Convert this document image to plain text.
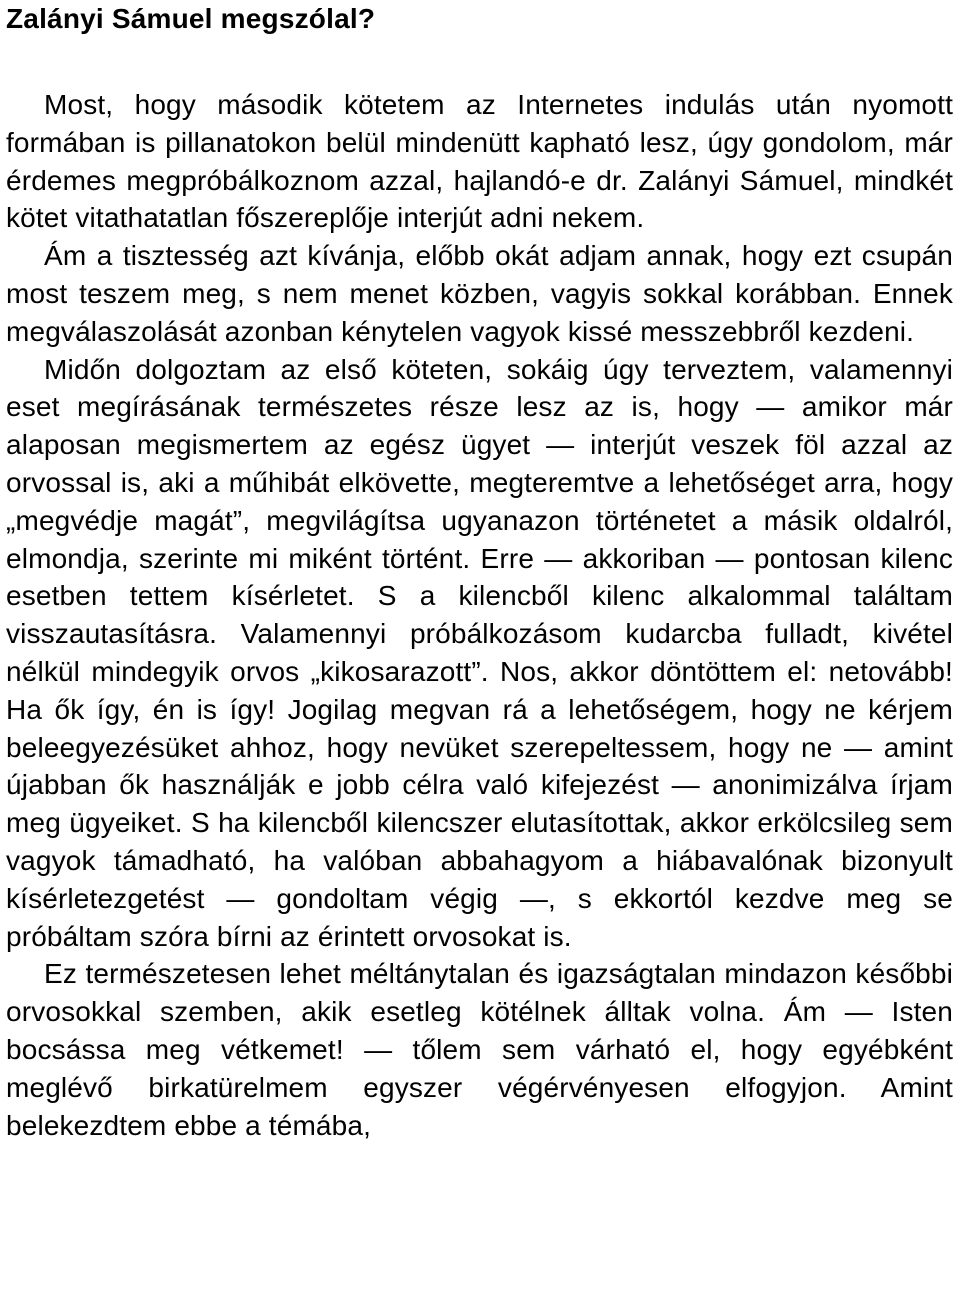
Zalányi Sámuel megszólal?

Most, hogy második kötetem az Internetes indulás után nyomott formában is pillanatokon belül mindenütt kapható lesz, úgy gondolom, már érdemes megpróbálkoznom azzal, hajlandó-e dr. Zalányi Sámuel, mindkét kötet vitathatatlan főszereplője interjút adni nekem.

Ám a tisztesség azt kívánja, előbb okát adjam annak, hogy ezt csupán most teszem meg, s nem menet közben, vagyis sokkal korábban. Ennek megválaszolását azonban kénytelen vagyok kissé messzebbről kezdeni.

Midőn dolgoztam az első köteten, sokáig úgy terveztem, valamennyi eset megírásának természetes része lesz az is, hogy — amikor már alaposan megismertem az egész ügyet — interjút veszek föl azzal az orvossal is, aki a műhibát elkövette, megteremtve a lehetőséget arra, hogy „megvédje magát”, megvilágítsa ugyanazon történetet a másik oldalról, elmondja, szerinte mi miként történt. Erre — akkoriban — pontosan kilenc esetben tettem kísérletet. S a kilencből kilenc alkalommal találtam visszautasításra. Valamennyi próbálkozásom kudarcba fulladt, kivétel nélkül mindegyik orvos „kikosarazott”. Nos, akkor döntöttem el: netovább! Ha ők így, én is így! Jogilag megvan rá a lehetőségem, hogy ne kérjem beleegyezésüket ahhoz, hogy nevüket szerepeltessem, hogy ne — amint újabban ők használják e jobb célra való kifejezést — anonimizálva írjam meg ügyeiket. S ha kilencből kilencszer elutasítottak, akkor erkölcsileg sem vagyok támadható, ha valóban abbahagyom a hiábavalónak bizonyult kísérletezgetést — gondoltam végig —, s ekkortól kezdve meg se próbáltam szóra bírni az érintett orvosokat is.

Ez természetesen lehet méltánytalan és igazságtalan mindazon későbbi orvosokkal szemben, akik esetleg kötélnek álltak volna. Ám — Isten bocsássa meg vétkemet! — tőlem sem várható el, hogy egyébként meglévő birkatürelmem egyszer végérvényesen elfogyjon. Amint belekezdtem ebbe a témába,
